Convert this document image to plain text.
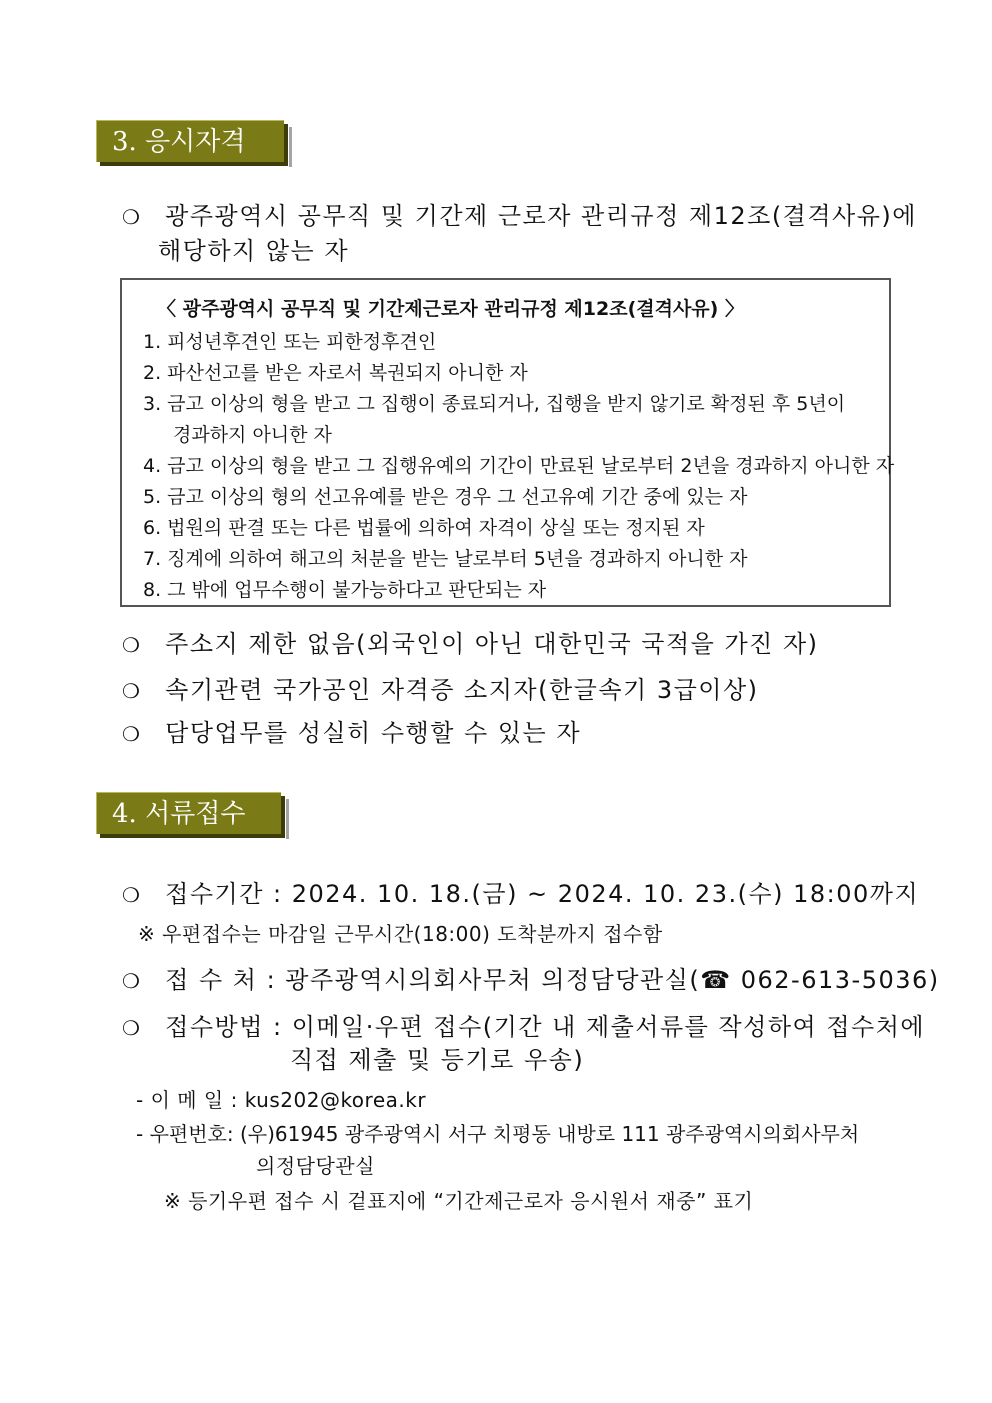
3. 응시자격
❍ 광주광역시 공무직 및 기간제 근로자 관리규정 제12조(결격사유)에
해당하지 않는 자
〈 광주광역시 공무직 및 기간제근로자 관리규정 제12조(결격사유) 〉
1. 피성년후견인 또는 피한정후견인
2. 파산선고를 받은 자로서 복권되지 아니한 자
3. 금고 이상의 형을 받고 그 집행이 종료되거나, 집행을 받지 않기로 확정된 후 5년이
경과하지 아니한 자
4. 금고 이상의 형을 받고 그 집행유예의 기간이 만료된 날로부터 2년을 경과하지 아니한 자
5. 금고 이상의 형의 선고유예를 받은 경우 그 선고유예 기간 중에 있는 자
6. 법원의 판결 또는 다른 법률에 의하여 자격이 상실 또는 정지된 자
7. 징계에 의하여 해고의 처분을 받는 날로부터 5년을 경과하지 아니한 자
8. 그 밖에 업무수행이 불가능하다고 판단되는 자
❍ 주소지 제한 없음(외국인이 아닌 대한민국 국적을 가진 자)
❍ 속기관련 국가공인 자격증 소지자(한글속기 3급이상)
❍ 담당업무를 성실히 수행할 수 있는 자
4. 서류접수
❍ 접수기간 : 2024. 10. 18.(금) ~ 2024. 10. 23.(수) 18:00까지
※ 우편접수는 마감일 근무시간(18:00) 도착분까지 접수함
❍ 접 수 처 : 광주광역시의회사무처 의정담당관실(☎ 062-613-5036)
❍ 접수방법 : 이메일·우편 접수(기간 내 제출서류를 작성하여 접수처에
직접 제출 및 등기로 우송)
- 이 메 일 : kus202@korea.kr
- 우편번호: (우)61945 광주광역시 서구 치평동 내방로 111 광주광역시의회사무처
의정담당관실
※ 등기우편 접수 시 겉표지에 “기간제근로자 응시원서 재중” 표기
